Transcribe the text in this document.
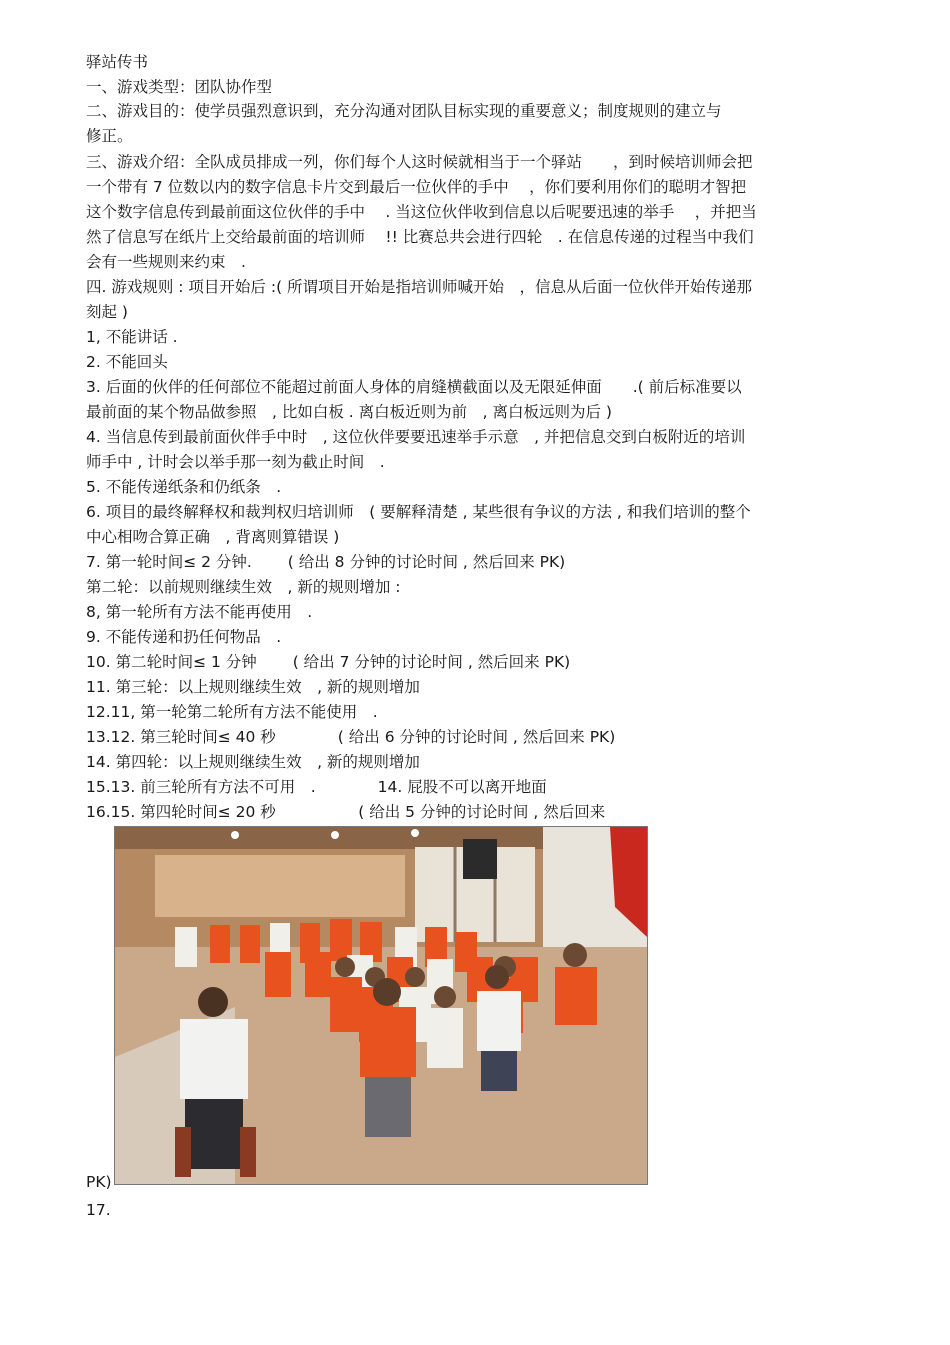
驿站传书
一、游戏类型：团队协作型
二、游戏目的：使学员强烈意识到，充分沟通对团队目标实现的重要意义；制度规则的建立与
修正。
三、游戏介绍：全队成员排成一列，你们每个人这时候就相当于一个驿站　　，到时候培训师会把
一个带有 7 位数以内的数字信息卡片交到最后一位伙伴的手中　 ，你们要利用你们的聪明才智把
这个数字信息传到最前面这位伙伴的手中　 . 当这位伙伴收到信息以后呢要迅速的举手　 ，并把当
然了信息写在纸片上交给最前面的培训师　 !! 比赛总共会进行四轮　. 在信息传递的过程当中我们
会有一些规则来约束　.
四. 游戏规则 : 项目开始后 :( 所谓项目开始是指培训师喊开始　，信息从后面一位伙伴开始传递那
刻起 )
1, 不能讲话 .
2. 不能回头
3. 后面的伙伴的任何部位不能超过前面人身体的肩缝横截面以及无限延伸面　　.( 前后标准要以
最前面的某个物品做参照　, 比如白板 . 离白板近则为前　, 离白板远则为后 )
4. 当信息传到最前面伙伴手中时　, 这位伙伴要要迅速举手示意　, 并把信息交到白板附近的培训
师手中 , 计时会以举手那一刻为截止时间　.
5. 不能传递纸条和仍纸条　.
6. 项目的最终解释权和裁判权归培训师　( 要解释清楚 , 某些很有争议的方法 , 和我们培训的整个
中心相吻合算正确　, 背离则算错误 )
7. 第一轮时间≤ 2 分钟.　　 ( 给出 8 分钟的讨论时间 , 然后回来 PK)
第二轮：以前规则继续生效　, 新的规则增加 :
8, 第一轮所有方法不能再使用　.
9. 不能传递和扔任何物品　.
10. 第二轮时间≤ 1 分钟　　 ( 给出 7 分钟的讨论时间 , 然后回来 PK)
11. 第三轮：以上规则继续生效　, 新的规则增加
12.11, 第一轮第二轮所有方法不能使用　.
13.12. 第三轮时间≤ 40 秒　　　　( 给出 6 分钟的讨论时间 , 然后回来 PK)
14. 第四轮：以上规则继续生效　, 新的规则增加
15.13. 前三轮所有方法不可用　.　　　　14. 屁股不可以离开地面
16.15. 第四轮时间≤ 20 秒　　　　　 ( 给出 5 分钟的讨论时间 , 然后回来
PK)
17.
